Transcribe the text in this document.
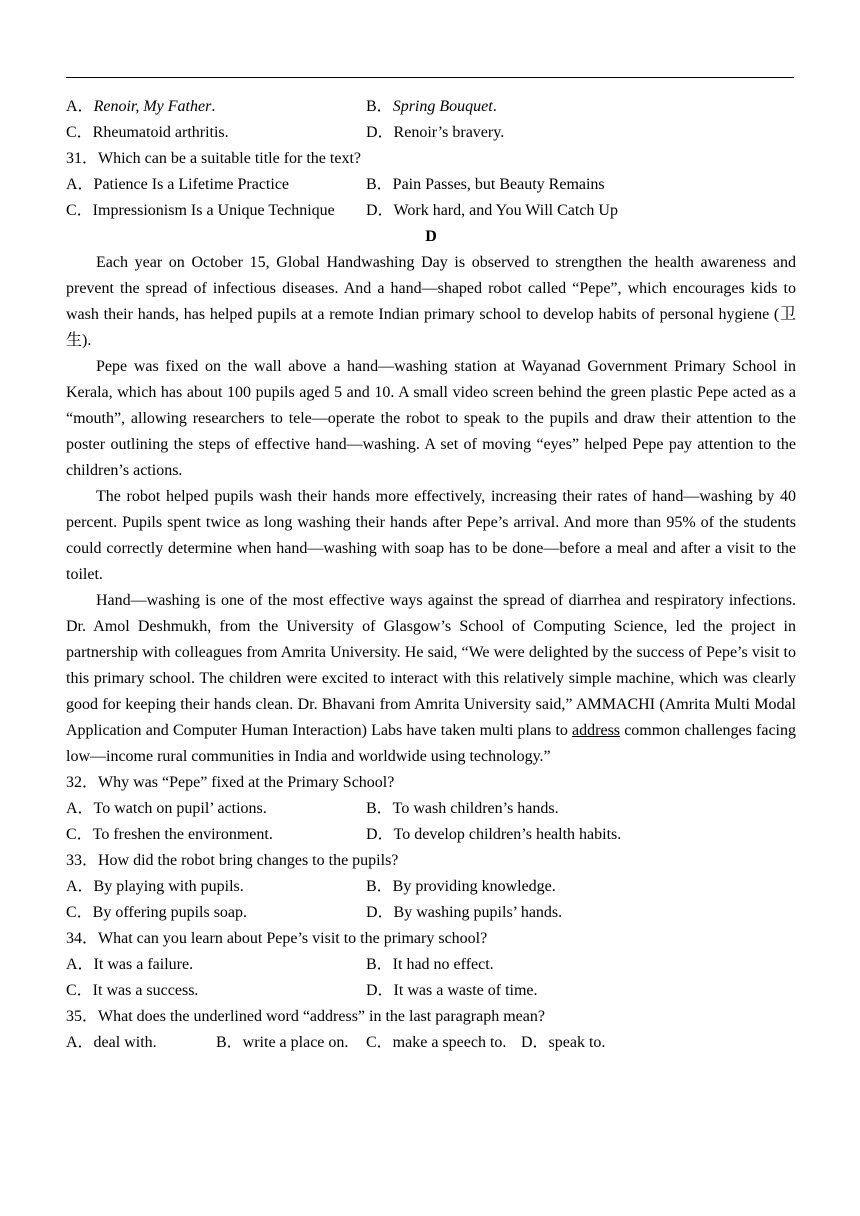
A．Renoir, My Father.	B．Spring Bouquet.
C．Rheumatoid arthritis.	D．Renoir’s bravery.
31．Which can be a suitable title for the text?
A．Patience Is a Lifetime Practice	B．Pain Passes, but Beauty Remains
C．Impressionism Is a Unique Technique D．Work hard, and You Will Catch Up
D

Each year on October 15, Global Handwashing Day is observed to strengthen the health awareness and prevent the spread of infectious diseases. And a hand—shaped robot called “Pepe”, which encourages kids to wash their hands, has helped pupils at a remote Indian primary school to develop habits of personal hygiene (卫生).

Pepe was fixed on the wall above a hand—washing station at Wayanad Government Primary School in Kerala, which has about 100 pupils aged 5 and 10. A small video screen behind the green plastic Pepe acted as a “mouth”, allowing researchers to tele—operate the robot to speak to the pupils and draw their attention to the poster outlining the steps of effective hand—washing. A set of moving “eyes” helped Pepe pay attention to the children’s actions.

The robot helped pupils wash their hands more effectively, increasing their rates of hand—washing by 40 percent. Pupils spent twice as long washing their hands after Pepe’s arrival. And more than 95% of the students could correctly determine when hand—washing with soap has to be done—before a meal and after a visit to the toilet.

Hand—washing is one of the most effective ways against the spread of diarrhea and respiratory infections. Dr. Amol Deshmukh, from the University of Glasgow’s School of Computing Science, led the project in partnership with colleagues from Amrita University. He said, “We were delighted by the success of Pepe’s visit to this primary school. The children were excited to interact with this relatively simple machine, which was clearly good for keeping their hands clean. Dr. Bhavani from Amrita University said,” AMMACHI (Amrita Multi Modal Application and Computer Human Interaction) Labs have taken multi plans to address common challenges facing low—income rural communities in India and worldwide using technology.”

32．Why was “Pepe” fixed at the Primary School?
A．To watch on pupil’ actions.	B．To wash children’s hands.
C．To freshen the environment.	D．To develop children’s health habits.
33．How did the robot bring changes to the pupils?
A．By playing with pupils.	B．By providing knowledge.
C．By offering pupils soap.	D．By washing pupils’ hands.
34．What can you learn about Pepe’s visit to the primary school?
A．It was a failure.	B．It had no effect.
C．It was a success.	D．It was a waste of time.
35．What does the underlined word “address” in the last paragraph mean?
A．deal with.	B．write a place on. C．make a speech to. D．speak to.
